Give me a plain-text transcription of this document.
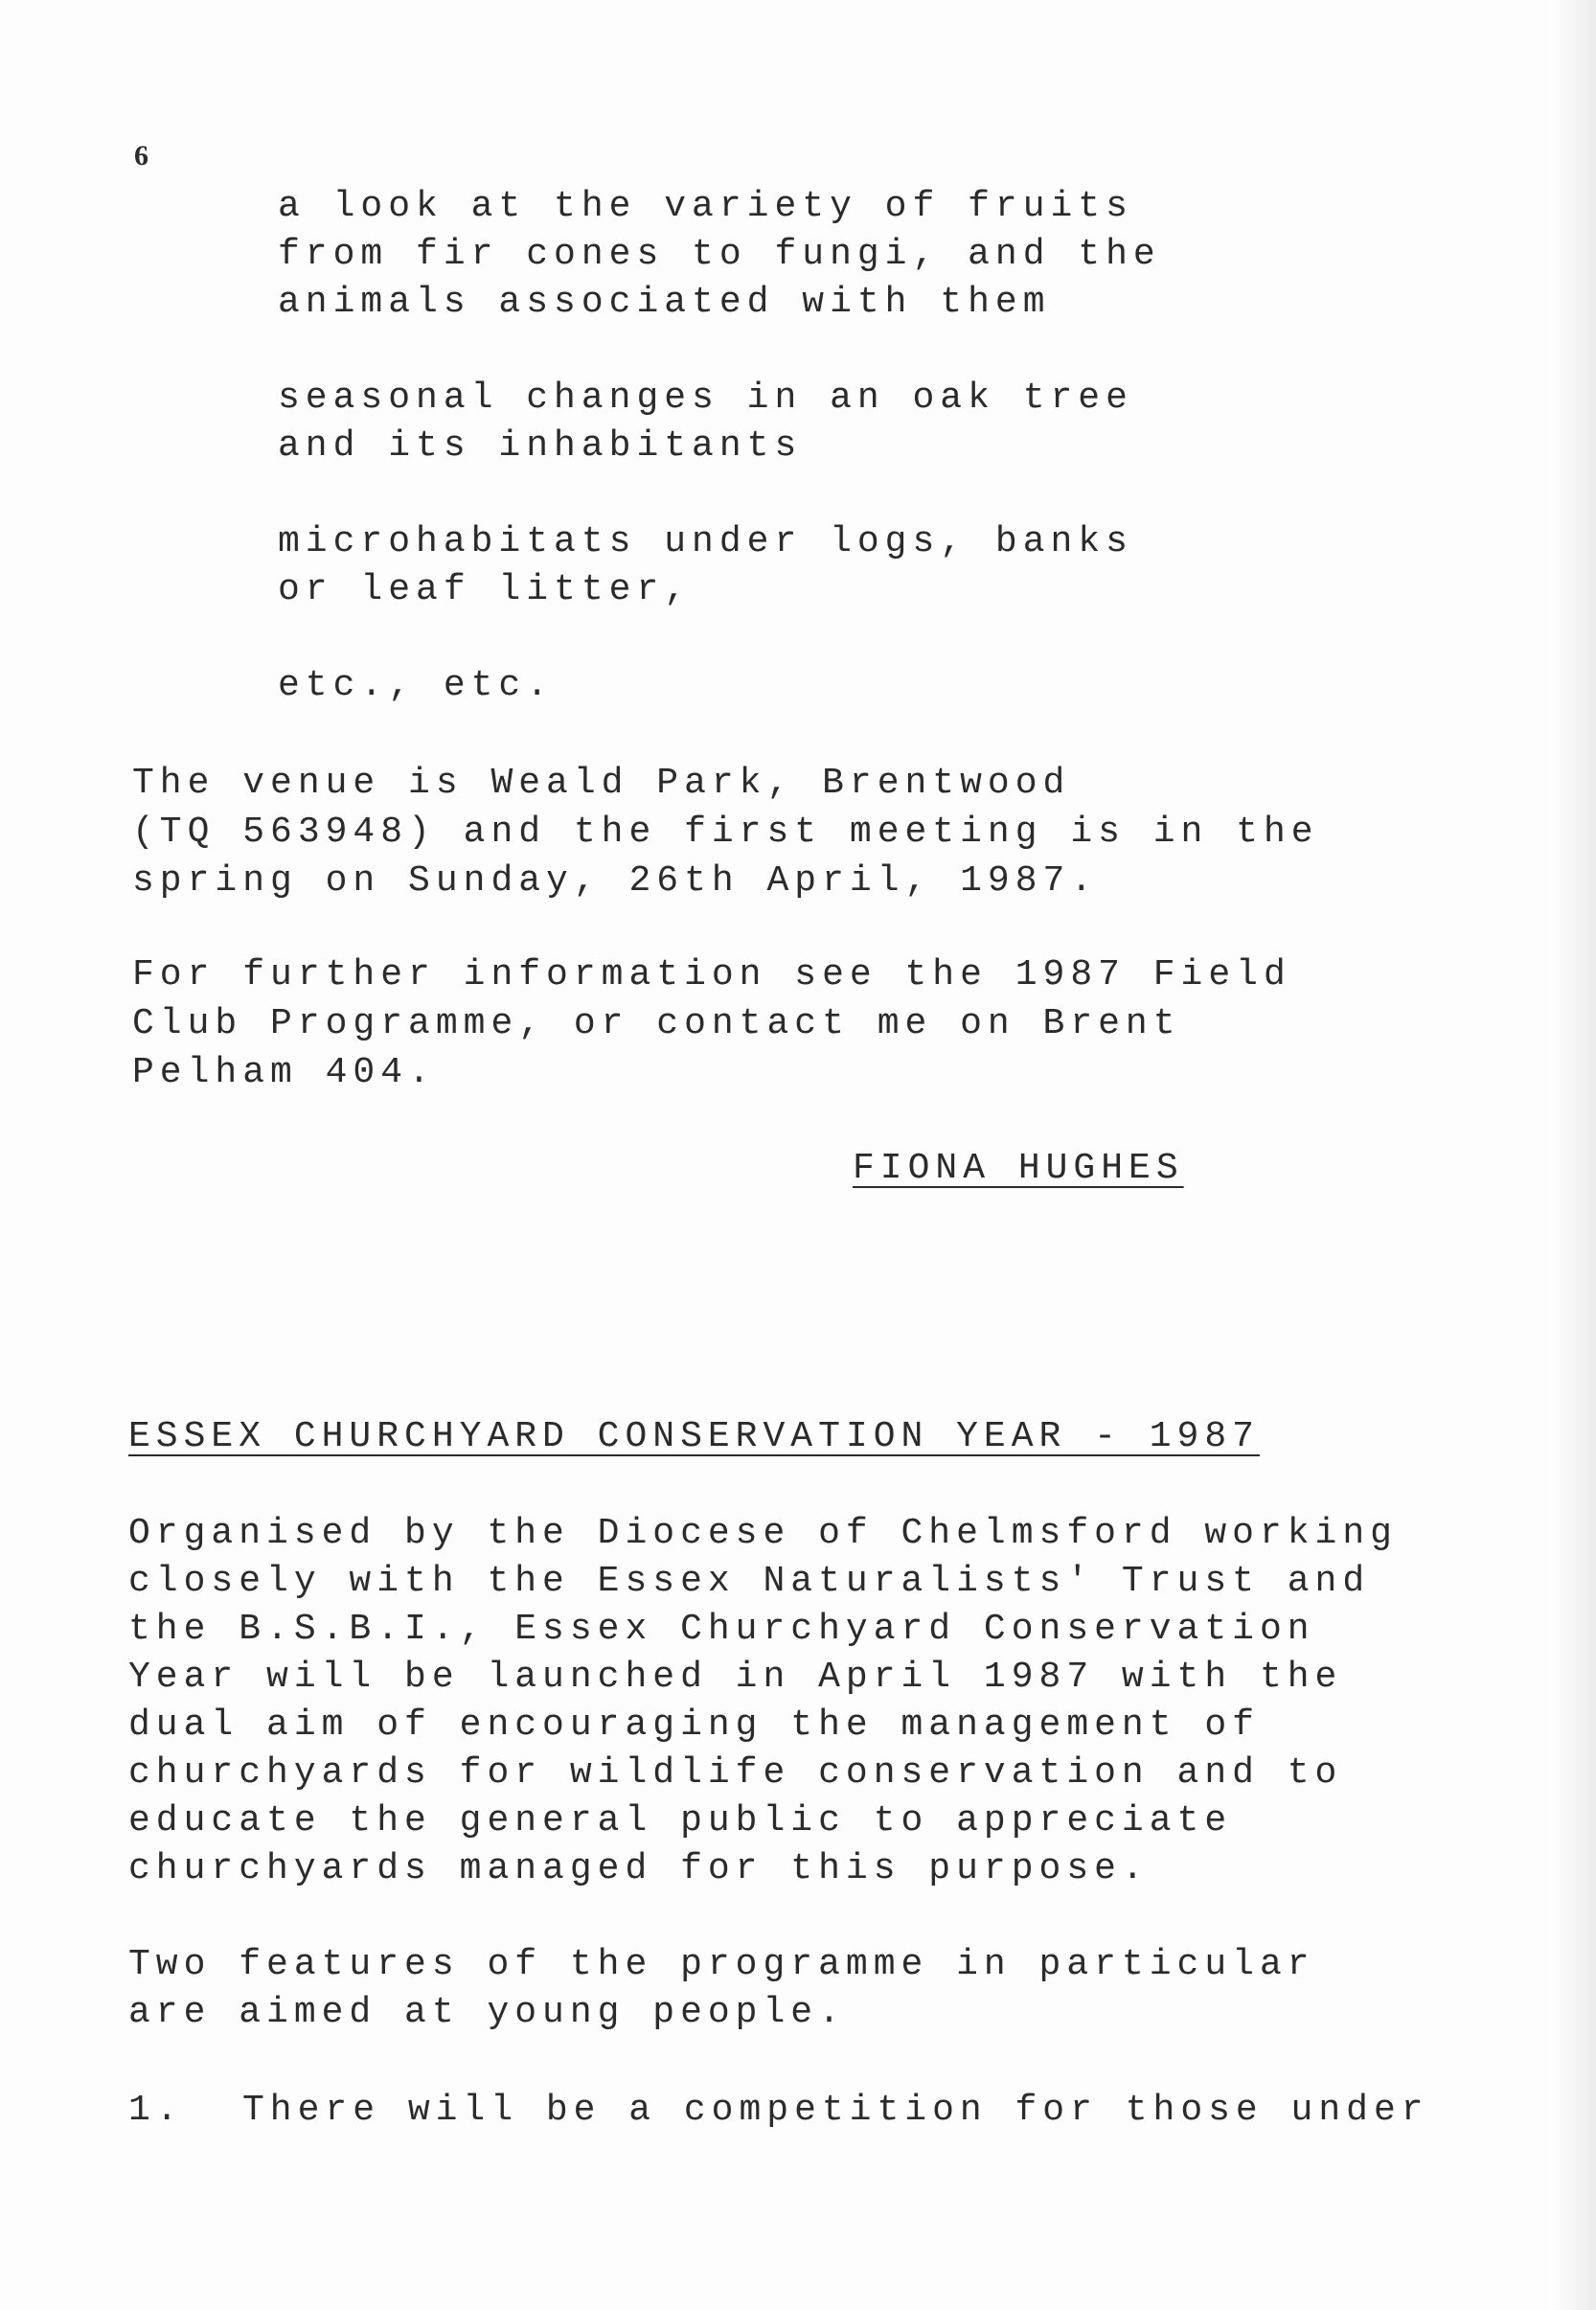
6
a look at the variety of fruits
from fir cones to fungi, and the
animals associated with them
seasonal changes in an oak tree
and its inhabitants
microhabitats under logs, banks
or leaf litter,
etc., etc.
The venue is Weald Park, Brentwood
(TQ 563948) and the first meeting is in the
spring on Sunday, 26th April, 1987.
For further information see the 1987 Field
Club Programme, or contact me on Brent
Pelham 404.
FIONA HUGHES
ESSEX CHURCHYARD CONSERVATION YEAR - 1987
Organised by the Diocese of Chelmsford working
closely with the Essex Naturalists' Trust and
the B.S.B.I., Essex Churchyard Conservation
Year will be launched in April 1987 with the
dual aim of encouraging the management of
churchyards for wildlife conservation and to
educate the general public to appreciate
churchyards managed for this purpose.
Two features of the programme in particular
are aimed at young people.
1. There will be a competition for those under
